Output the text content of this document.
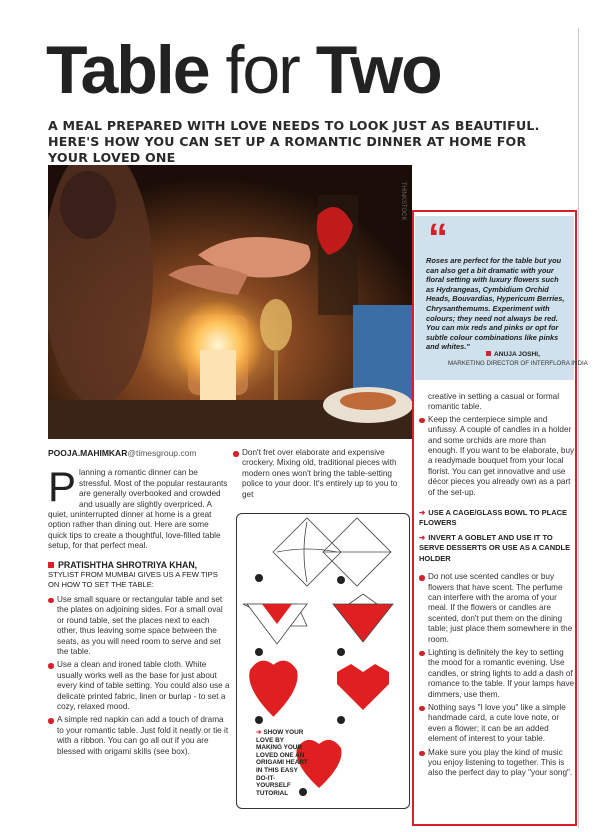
Table for Two
A MEAL PREPARED WITH LOVE NEEDS TO LOOK JUST AS BEAUTIFUL. HERE'S HOW YOU CAN SET UP A ROMANTIC DINNER AT HOME FOR YOUR LOVED ONE
THINKSTOCK
“
Roses are perfect for the table but you can also get a bit dramatic with your floral setting with luxury flowers such as Hydrangeas, Cymbidium Orchid Heads, Bouvardias, Hypericum Berries, Chrysanthemums. Experiment with colours; they need not always be red. You can mix reds and pinks or opt for subtle colour combinations like pinks and whites."
ANUJA JOSHI,
MARKETING DIRECTOR OF INTERFLORA INDIA
POOJA.MAHIMKAR@timesgroup.com

Planning a romantic dinner can be stressful. Most of the popular restaurants are generally overbooked and crowded and usually are slightly overpriced. A quiet, uninterrupted dinner at home is a great option rather than dining out. Here are some quick tips to create a thoughtful, love-filled table setup, for that perfect meal.

PRATISHTHA SHROTRIYA KHAN,
STYLIST FROM MUMBAI GIVES US A FEW TIPS ON HOW TO SET THE TABLE:
Use small square or rectangular table and set the plates on adjoining sides. For a small oval or round table, set the places next to each other, thus leaving some space between the seats, as you will need room to serve and set the table.
Use a clean and ironed table cloth. White usually works well as the base for just about every kind of table setting. You could also use a delicate printed fabric, linen or burlap - to set a cozy, relaxed mood.
A simple red napkin can add a touch of drama to your romantic table. Just fold it neatly or tie it with a ribbon. You can go all out if you are blessed with origami skills (see box).
Don't fret over elaborate and expensive crockery. Mixing old, traditional pieces with modern ones won't bring the table-setting police to your door. It's entirely up to you to get
➔ SHOW YOUR LOVE BY MAKING YOUR LOVED ONE AN ORIGAMI HEART IN THIS EASY DO-IT-YOURSELF TUTORIAL

creative in setting a casual or formal romantic table.

Keep the centerpiece simple and unfussy. A couple of candles in a holder and some orchids are more than enough. If you want to be elaborate, buy a readymade bouquet from your local florist. You can get innovative and use décor pieces you already own as a part of the set-up.
➔ USE A CAGE/GLASS BOWL TO PLACE FLOWERS
➔ INVERT A GOBLET AND USE IT TO SERVE DESSERTS OR USE AS A CANDLE HOLDER
Do not use scented candles or buy flowers that have scent. The perfume can interfere with the aroma of your meal. If the flowers or candles are scented, don't put them on the dining table; just place them somewhere in the room.
Lighting is definitely the key to setting the mood for a romantic evening. Use candles, or string lights to add a dash of romance to the table. If your lamps have dimmers, use them.
Nothing says "I love you" like a simple handmade card, a cute love note, or even a flower; it can be an added element of interest to your table.
Make sure you play the kind of music you enjoy listening to together. This is also the perfect day to play "your song".
